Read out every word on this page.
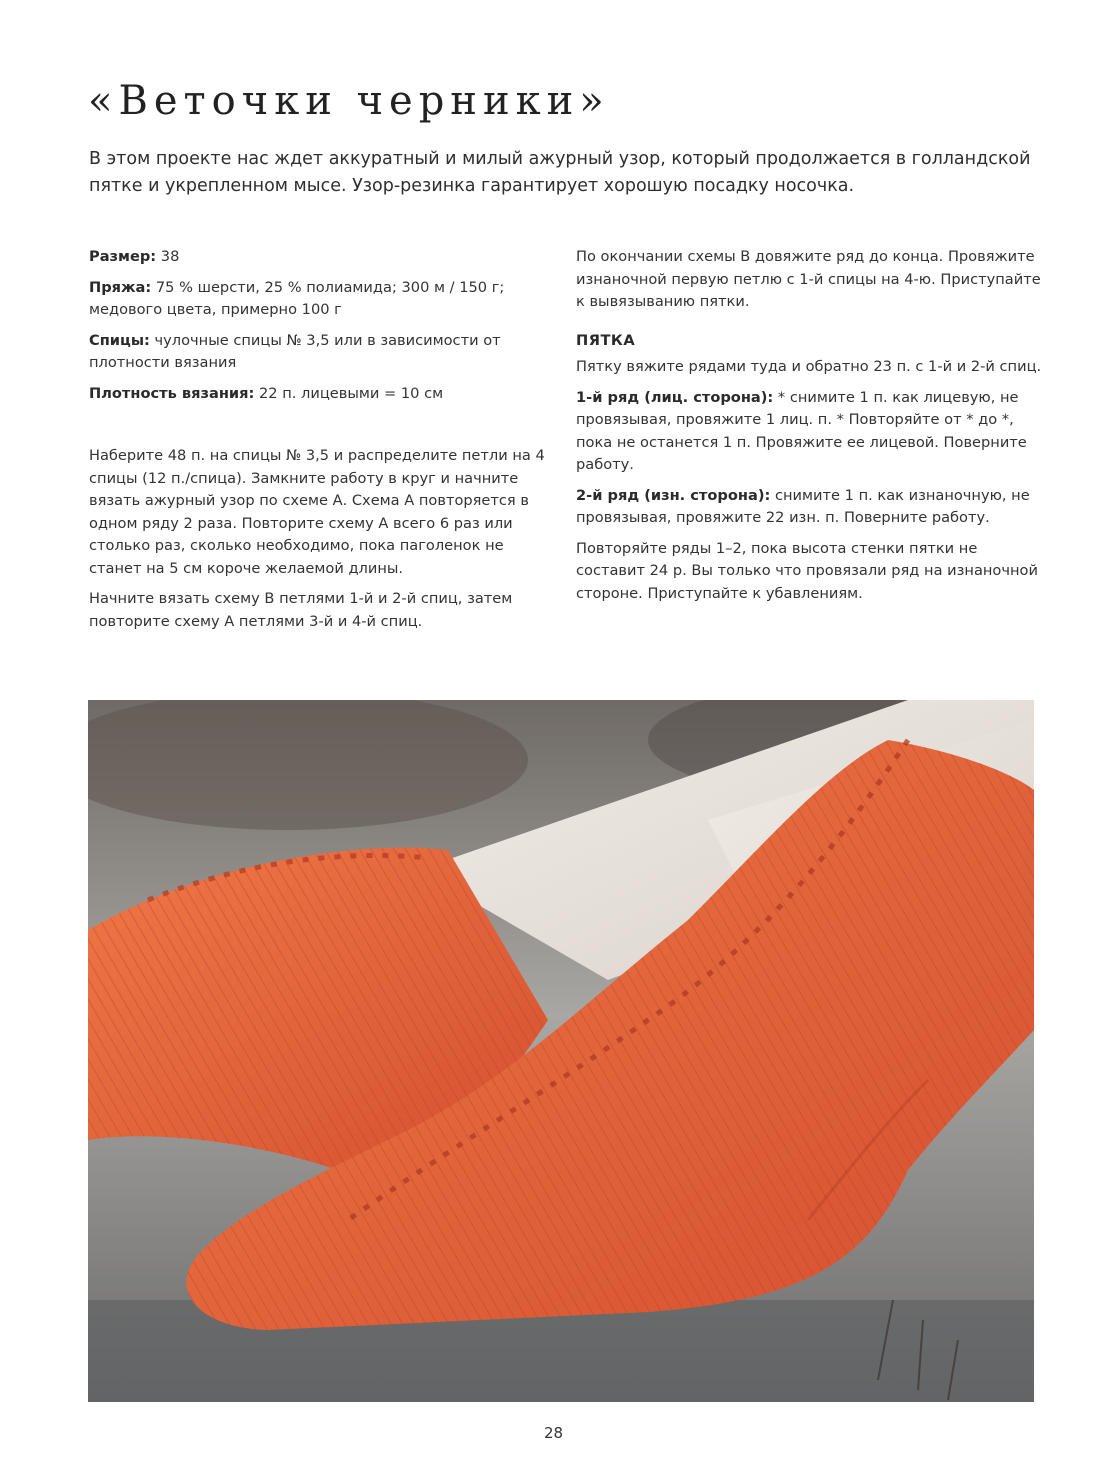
«Веточки черники»

В этом проекте нас ждет аккуратный и милый ажурный узор, который продолжается в голландской пятке и укрепленном мысе. Узор-резинка гарантирует хорошую посадку носочка.

Размер: 38

Пряжа: 75 % шерсти, 25 % полиамида; 300 м / 150 г; медового цвета, примерно 100 г

Спицы: чулочные спицы № 3,5 или в зависимости от плотности вязания

Плотность вязания: 22 п. лицевыми = 10 см

Наберите 48 п. на спицы № 3,5 и распределите петли на 4 спицы (12 п./спица). Замкните работу в круг и начните вязать ажурный узор по схеме А. Схема А повторяется в одном ряду 2 раза. Повторите схему А всего 6 раз или столько раз, сколько необходимо, пока паголенок не станет на 5 см короче желаемой длины.

Начните вязать схему В петлями 1-й и 2-й спиц, затем повторите схему А петлями 3-й и 4-й спиц.

По окончании схемы В довяжите ряд до конца. Провяжите изнаночной первую петлю с 1-й спицы на 4-ю. Приступайте к вывязыванию пятки.

ПЯТКА

Пятку вяжите рядами туда и обратно 23 п. с 1-й и 2-й спиц.

1-й ряд (лиц. сторона): * снимите 1 п. как лицевую, не провязывая, провяжите 1 лиц. п. * Повторяйте от * до *, пока не останется 1 п. Провяжите ее лицевой. Поверните работу.

2-й ряд (изн. сторона): снимите 1 п. как изнаночную, не провязывая, провяжите 22 изн. п. Поверните работу.

Повторяйте ряды 1–2, пока высота стенки пятки не составит 24 р. Вы только что провязали ряд на изнаночной стороне. Приступайте к убавлениям.

28
